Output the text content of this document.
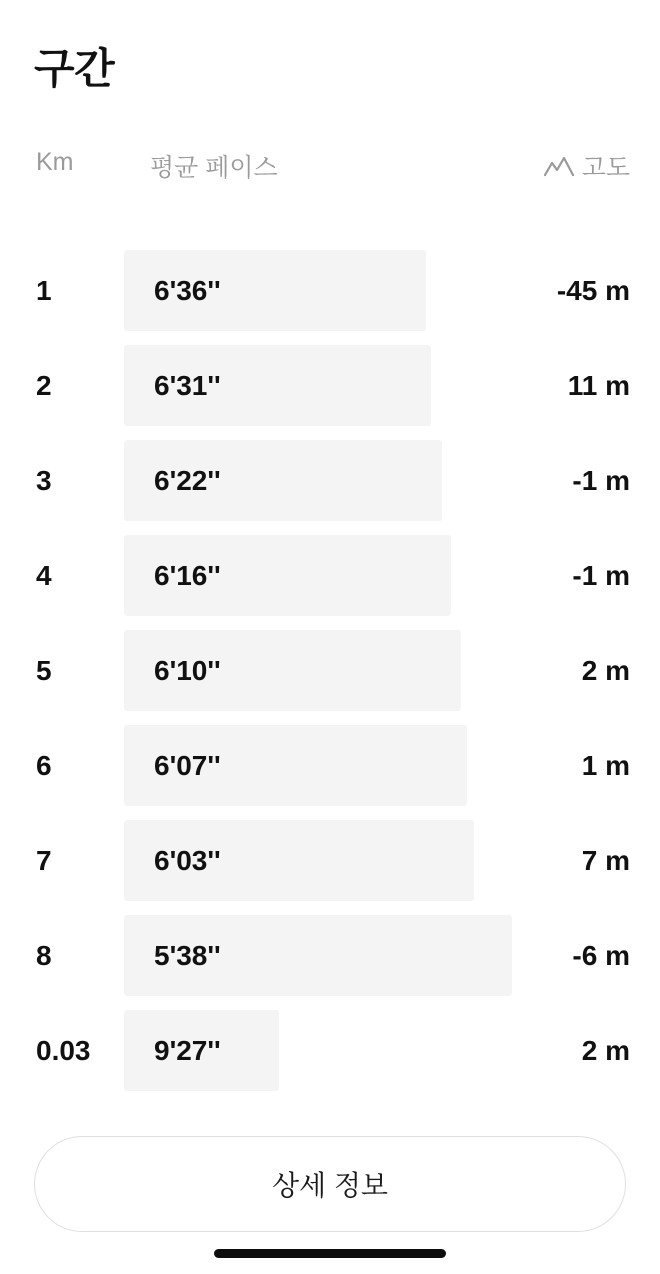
구간
Km	평균 페이스	고도
1	6'36''	-45 m
2	6'31''	11 m
3	6'22''	-1 m
4	6'16''	-1 m
5	6'10''	2 m
6	6'07''	1 m
7	6'03''	7 m
8	5'38''	-6 m
0.03 9'27''	2 m
상세 정보
